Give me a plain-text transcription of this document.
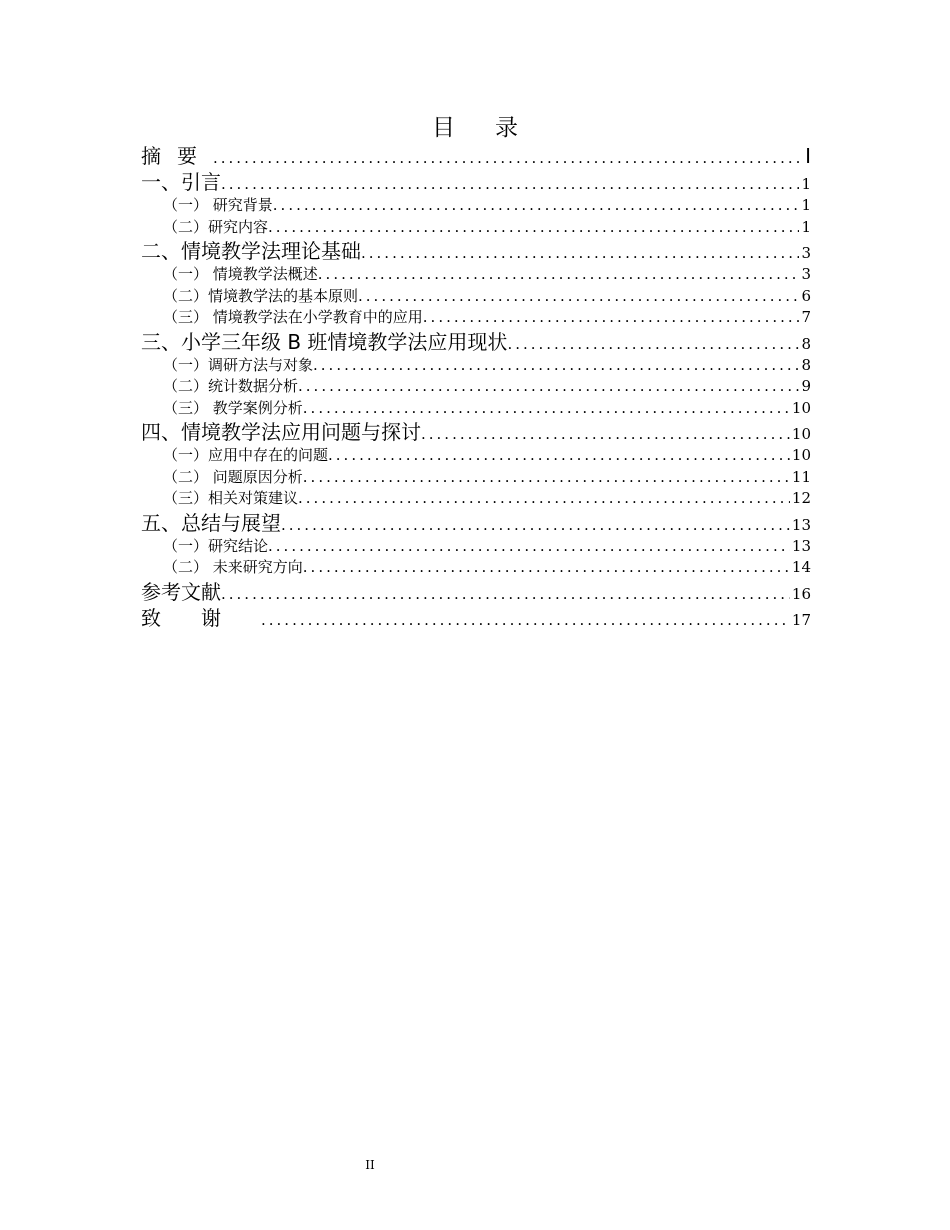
目录
摘要 .....	I
一、引言 .....	1
（一） 研究背景 .....	1
（二）研究内容 .....	1
二、情境教学法理论基础 .....	3
（一） 情境教学法概述 .....	3
（二）情境教学法的基本原则 .....	6
（三） 情境教学法在小学教育中的应用 .....	7
三、小学三年级 B 班情境教学法应用现状 .....	8
（一）调研方法与对象 .....	8
（二）统计数据分析 .....	9
（三） 教学案例分析 .....	10
四、情境教学法应用问题与探讨 .....	10
（一）应用中存在的问题 .....	10
（二） 问题原因分析 .....	11
（三）相关对策建议 .....	12
五、总结与展望 .....	13
（一）研究结论 .....	13
（二） 未来研究方向 .....	14
参考文献 .....	16
致谢 .....	17
II
